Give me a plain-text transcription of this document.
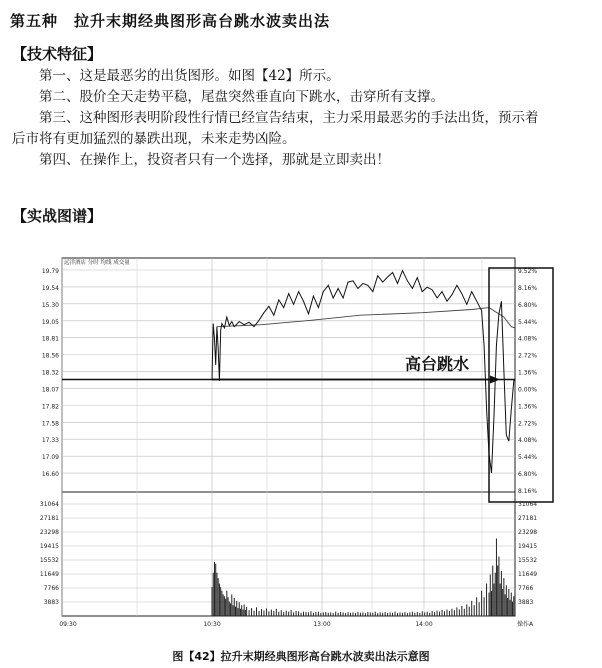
第五种 拉升末期经典图形高台跳水波卖出法
【技术特征】

第一、这是最恶劣的出货图形。如图【42】所示。

第二、股价全天走势平稳，尾盘突然垂直向下跳水，击穿所有支撑。

第三、这种图形表明阶段性行情已经宣告结束，主力采用最恶劣的手法出货，预示着

后市将有更加猛烈的暴跌出现，未来走势凶险。

第四、在操作上，投资者只有一个选择，那就是立即卖出！

【实战图谱】
19.79
19.54
15.30
19.05
18.81
18.56
18.32
18.07
17.82
17.58
17.33
17.09
16.60
9.52%
8.16%
6.80%
5.44%
4.08%
2.72%
1.36%
0.00%
1.36%
2.72%
4.08%
5.44%
6.80%
8.16%
31064	31064
27181	27181
23298	23298
19415	19415
15532	15532
11649	11649
7766	7766
3883	3883
09:30	10:30	13:00	14:00	操作A
远洋酒店 分时 均线 成交量
高台跳水
图【42】拉升末期经典图形高台跳水波卖出法示意图
